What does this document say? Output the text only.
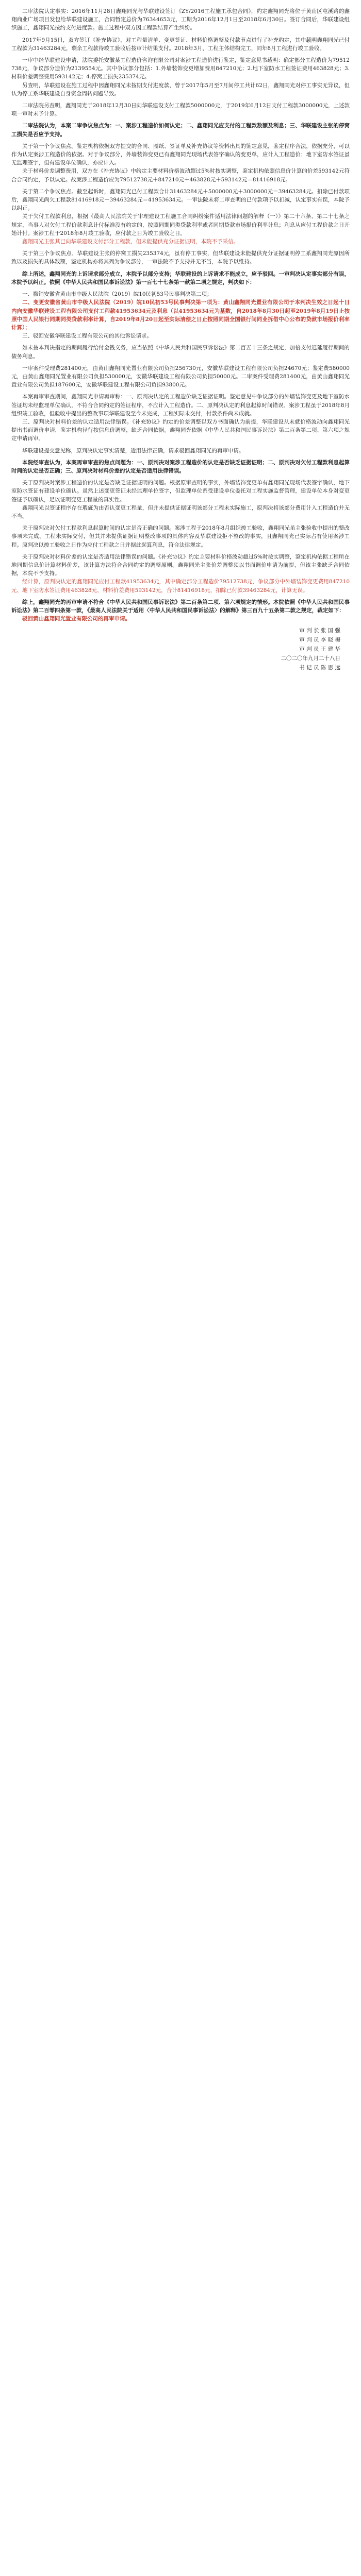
二审法院认定事实：2016年11月28日鑫翔同光与华联建设签订《ZY/2016工程施工承包合同》，约定鑫翔同光将位于黄山区屯溪路的鑫翔商业广场项目发包给华联建设施工，合同暂定总价为76344653元，工期为2016年12月1日至2018年6月30日。签订合同后，华联建设组织施工，鑫翔同光按约支付进度款。施工过程中双方因工程款结算产生纠纷。

2017年9月15日，双方签订《补充协议》，对工程量清单、变更签证、材料价格调整及付款节点进行了补充约定，其中载明鑫翔同光已付工程款为31463284元，剩余工程款待竣工验收后按审计结果支付。2018年3月，工程主体结构完工，同年8月工程进行竣工验收。

一审中经华联建设申请，法院委托安徽某工程造价咨询有限公司对案涉工程造价进行鉴定，鉴定意见书载明：确定部分工程造价为79512738元，争议部分造价为2139554元。其中争议部分包括：1.外墙装饰变更增加费用847210元；2.地下室防水工程签证费用463828元；3.材料价差调整费用593142元；4.停窝工损失235374元。

另查明，华联建设在施工过程中因鑫翔同光未按期支付进度款，曾于2017年5月至7月间停工共计62日，鑫翔同光对停工事实无异议，但认为停工系华联建设自身资金周转问题导致。

二审法院另查明，鑫翔同光于2018年12月30日向华联建设支付工程款5000000元，于2019年6月12日支付工程款3000000元，上述款项一审时未予计算。

二审法院认为，本案二审争议焦点为：一、案涉工程造价如何认定；二、鑫翔同光应支付的工程款数额及利息；三、华联建设主张的停窝工损失是否应予支持。

关于第一个争议焦点。鉴定机构依据双方提交的合同、图纸、签证单及补充协议等资料出具的鉴定意见，鉴定程序合法，依据充分，可以作为认定案涉工程造价的依据。对于争议部分，外墙装饰变更已有鑫翔同光现场代表签字确认的变更单，应计入工程造价；地下室防水签证虽无监理签字，但有建设单位确认，亦应计入。

关于材料价差调整费用，双方在《补充协议》中约定主要材料价格波动超过5%时按实调整，鉴定机构依照信息价计算的价差593142元符合合同约定，予以认定。故案涉工程造价应为79512738元＋847210元＋463828元＋593142元＝81416918元。

关于第二个争议焦点。截至起诉时，鑫翔同光已付工程款合计31463284元＋5000000元＋3000000元＝39463284元。扣除已付款项后，鑫翔同光尚欠工程款81416918元－39463284元＝41953634元。一审法院未将二审查明的已付款项予以扣减，认定事实有误，本院予以纠正。

关于欠付工程款利息，根据《最高人民法院关于审理建设工程施工合同纠纷案件适用法律问题的解释（一）》第二十六条、第二十七条之规定，当事人对欠付工程价款利息计付标准没有约定的，按照同期同类贷款利率或者同期贷款市场报价利率计息；利息从应付工程价款之日开始计付。案涉工程于2018年8月竣工验收，应付款之日为竣工验收之日。

鑫翔同光主张其已向华联建设支付部分工程款，但未能提供充分证据证明，本院不予采信。

关于第三个争议焦点。华联建设主张的停窝工损失235374元，虽有停工事实，但华联建设未能提供充分证据证明停工系鑫翔同光原因所致以及损失的具体数额，鉴定机构亦将其列为争议部分，一审法院不予支持并无不当，本院予以维持。

综上所述，鑫翔同光的上诉请求部分成立，本院予以部分支持；华联建设的上诉请求不能成立，应予驳回。一审判决认定事实部分有误，本院予以纠正。依照《中华人民共和国民事诉讼法》第一百七十七条第一款第二项之规定，判决如下：

一、撤销安徽省黄山市中级人民法院（2019）皖10民初53号民事判决第二项；

二、变更安徽省黄山市中级人民法院（2019）皖10民初53号民事判决第一项为：黄山鑫翔同光置业有限公司于本判决生效之日起十日内向安徽华联建设工程有限公司支付工程款41953634元及利息（以41953634元为基数，自2018年8月30日起至2019年8月19日止按照中国人民银行同期同类贷款利率计算，自2019年8月20日起至实际清偿之日止按照同期全国银行间同业拆借中心公布的贷款市场报价利率计算）；

三、驳回安徽华联建设工程有限公司的其他诉讼请求。

如未按本判决指定的期间履行给付金钱义务，应当依照《中华人民共和国民事诉讼法》第二百五十三条之规定，加倍支付迟延履行期间的债务利息。

一审案件受理费281400元，由黄山鑫翔同光置业有限公司负担256730元，安徽华联建设工程有限公司负担24670元；鉴定费580000元，由黄山鑫翔同光置业有限公司负担530000元，安徽华联建设工程有限公司负担50000元。二审案件受理费281400元，由黄山鑫翔同光置业有限公司负担187600元，安徽华联建设工程有限公司负担93800元。

本案再审审查期间，鑫翔同光申请再审称：一、原判决认定的工程造价缺乏证据证明。鉴定意见中争议部分的外墙装饰变更及地下室防水签证均未经监理单位确认，不符合合同约定的签证程序，不应计入工程造价。二、原判决认定的利息起算时间错误。案涉工程虽于2018年8月组织竣工验收，但验收中提出的整改事项华联建设至今未完成，工程实际未交付，付款条件尚未成就。

三、原判决对材料价差的认定适用法律错误。《补充协议》约定的价差调整以双方书面确认为前提，华联建设从未就价格波动向鑫翔同光提出书面调价申请，鉴定机构径行按信息价调整，缺乏合同依据。鑫翔同光依据《中华人民共和国民事诉讼法》第二百条第二项、第六项之规定申请再审。

华联建设提交意见称，原判决认定事实清楚，适用法律正确，请求驳回鑫翔同光的再审申请。

本院经审查认为，本案再审审查的焦点问题为：一、原判决对案涉工程造价的认定是否缺乏证据证明；二、原判决对欠付工程款利息起算时间的认定是否正确；三、原判决对材料价差的认定是否适用法律错误。

关于原判决对案涉工程造价的认定是否缺乏证据证明的问题。根据原审查明的事实，外墙装饰变更单有鑫翔同光现场代表签字确认，地下室防水签证有建设单位确认。虽然上述变更签证未经监理单位签字，但监理单位系受建设单位委托对工程实施监督管理，建设单位本身对变更签证予以确认，足以证明变更工程量的真实性。

鑫翔同光以签证程序存在瑕疵为由否认变更工程量，但并未提供证据证明该部分工程未实际施工，原判决将该部分费用计入工程造价并无不当。

关于原判决对欠付工程款利息起算时间的认定是否正确的问题。案涉工程于2018年8月组织竣工验收，鑫翔同光虽主张验收中提出的整改事项未完成、工程未实际交付，但其并未提供证据证明整改事项的具体内容及华联建设拒不整改的事实，且鑫翔同光已实际占有使用案涉工程。原判决以竣工验收之日作为应付工程款之日并据此起算利息，符合法律规定。

关于原判决对材料价差的认定是否适用法律错误的问题。《补充协议》约定主要材料价格波动超过5%时按实调整，鉴定机构依据工程所在地同期信息价计算材料价差，该计算方法符合合同约定的调整原则。鑫翔同光主张价差调整须以书面调价申请为前提，但该主张缺乏合同依据，本院不予支持。

经计算，原判决认定的鑫翔同光应付工程款41953634元，其中确定部分工程造价79512738元，争议部分中外墙装饰变更费用847210元、地下室防水签证费用463828元、材料价差费用593142元，合计81416918元，扣除已付款39463284元，计算无误。

综上，鑫翔同光的再审申请不符合《中华人民共和国民事诉讼法》第二百条第二项、第六项规定的情形。本院依照《中华人民共和国民事诉讼法》第二百零四条第一款，《最高人民法院关于适用〈中华人民共和国民事诉讼法〉的解释》第三百九十五条第二款之规定，裁定如下：

驳回黄山鑫翔同光置业有限公司的再审申请。

审 判 长 张 国 强
审 判 员 李 晓 梅
审 判 员 王 建 华
二〇二〇年九月二十八日
书 记 员 陈 思 远
